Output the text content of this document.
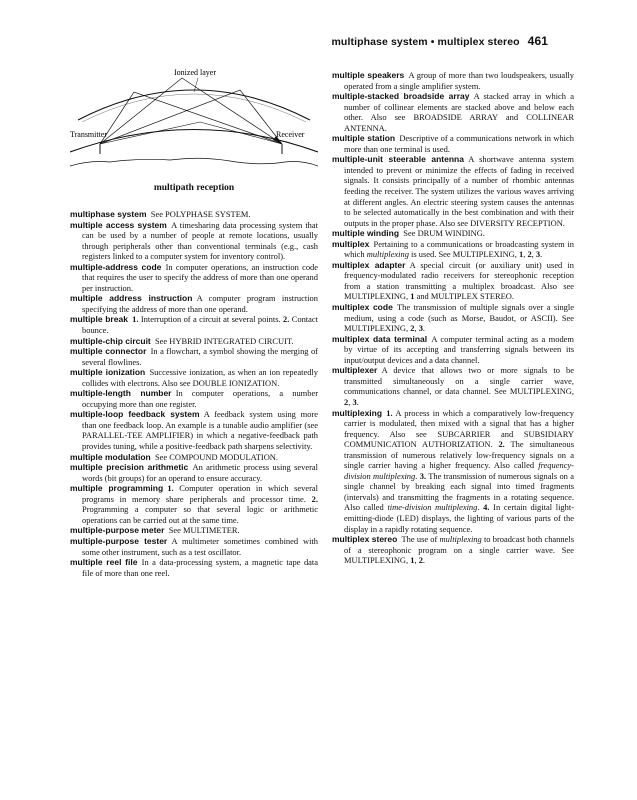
multiphase system • multiplex stereo 461
Ionized layer
Transmitter	Receiver
multipath reception

multiphase system  See POLYPHASE SYSTEM.

multiple access system  A timesharing data processing system that can be used by a number of people at remote locations, usually through peripherals other than conventional terminals (e.g., cash registers linked to a computer system for inventory control).

multiple-address code  In computer operations, an instruction code that requires the user to specify the address of more than one operand per instruction.

multiple address instruction  A computer program instruction specifying the address of more than one operand.

multiple break  1. Interruption of a circuit at several points. 2. Contact bounce.

multiple-chip circuit  See HYBRID INTEGRATED CIRCUIT.

multiple connector  In a flowchart, a symbol showing the merging of several flowlines.

multiple ionization  Successive ionization, as when an ion repeatedly collides with electrons. Also see DOUBLE IONIZATION.

multiple-length number  In computer operations, a number occupying more than one register.

multiple-loop feedback system  A feedback system using more than one feedback loop. An example is a tunable audio amplifier (see PARALLEL-TEE AMPLIFIER) in which a negative-feedback path provides tuning, while a positive-feedback path sharpens selectivity.

multiple modulation  See COMPOUND MODULATION.

multiple precision arithmetic  An arithmetic process using several words (bit groups) for an operand to ensure accuracy.

multiple programming  1. Computer operation in which several programs in memory share peripherals and processor time. 2. Programming a computer so that several logic or arithmetic operations can be carried out at the same time.

multiple-purpose meter  See MULTIMETER.

multiple-purpose tester  A multimeter sometimes combined with some other instrument, such as a test oscillator.

multiple reel file  In a data-processing system, a magnetic tape data file of more than one reel.

multiple speakers  A group of more than two loudspeakers, usually operated from a single amplifier system.

multiple-stacked broadside array  A stacked array in which a number of collinear elements are stacked above and below each other. Also see BROADSIDE ARRAY and COLLINEAR ANTENNA.

multiple station  Descriptive of a communications network in which more than one terminal is used.

multiple-unit steerable antenna  A shortwave antenna system intended to prevent or minimize the effects of fading in received signals. It consists principally of a number of rhombic antennas feeding the receiver. The system utilizes the various waves arriving at different angles. An electric steering system causes the antennas to be selected automatically in the best combination and with their outputs in the proper phase. Also see DIVERSITY RECEPTION.

multiple winding  See DRUM WINDING.

multiplex  Pertaining to a communications or broadcasting system in which multiplexing is used. See MULTIPLEXING, 1, 2, 3.

multiplex adapter  A special circuit (or auxiliary unit) used in frequency-modulated radio receivers for stereophonic reception from a station transmitting a multiplex broadcast. Also see MULTIPLEXING, 1 and MULTIPLEX STEREO.

multiplex code  The transmission of multiple signals over a single medium, using a code (such as Morse, Baudot, or ASCII). See MULTIPLEXING, 2, 3.

multiplex data terminal  A computer terminal acting as a modem by virtue of its accepting and transferring signals between its input/output devices and a data channel.

multiplexer  A device that allows two or more signals to be transmitted simultaneously on a single carrier wave, communications channel, or data channel. See MULTIPLEXING, 2, 3.

multiplexing  1. A process in which a comparatively low-frequency carrier is modulated, then mixed with a signal that has a higher frequency. Also see SUBCARRIER and SUBSIDIARY COMMUNICATION AUTHORIZATION. 2. The simultaneous transmission of numerous relatively low-frequency signals on a single carrier having a higher frequency. Also called frequency-division multiplexing. 3. The transmission of numerous signals on a single channel by breaking each signal into timed fragments (intervals) and transmitting the fragments in a rotating sequence. Also called time-division multiplexing. 4. In certain digital light-emitting-diode (LED) displays, the lighting of various parts of the display in a rapidly rotating sequence.

multiplex stereo  The use of multiplexing to broadcast both channels of a stereophonic program on a single carrier wave. See MULTIPLEXING, 1, 2.
